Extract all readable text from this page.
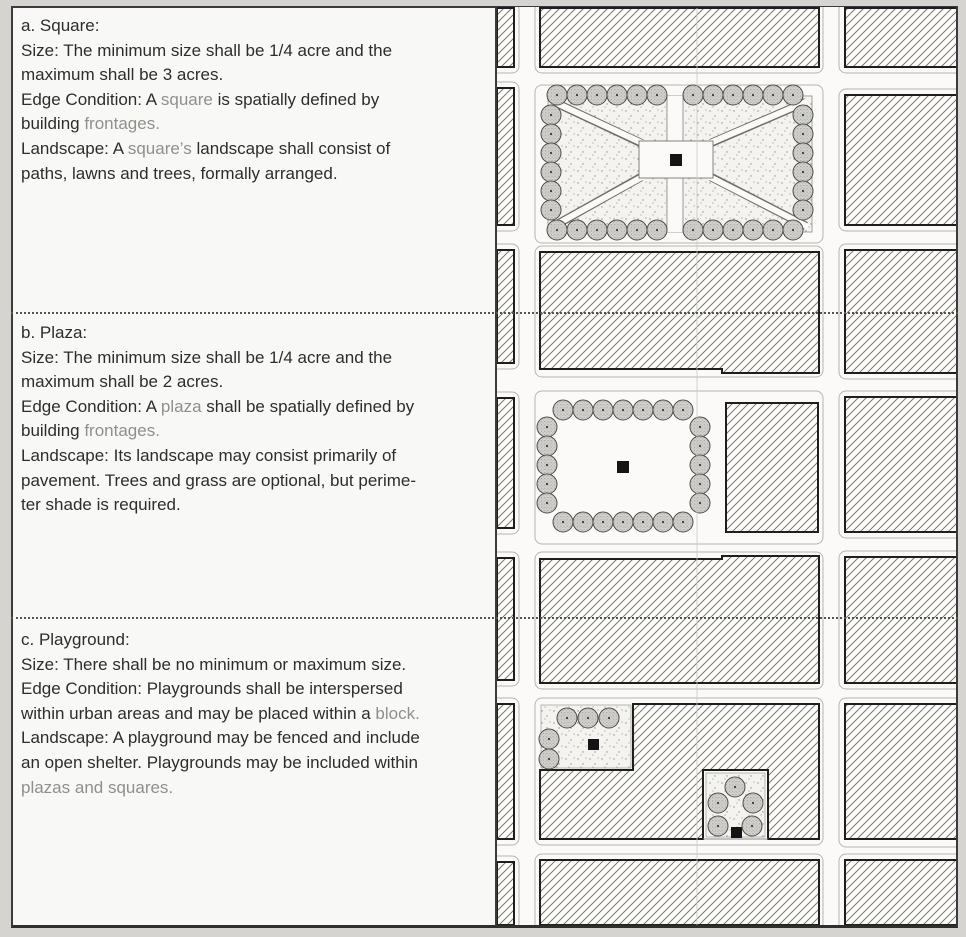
a. Square:
Size: The minimum size shall be 1/4 acre and the
maximum shall be 3 acres.
Edge Condition: A square is spatially defined by
building frontages.
Landscape: A square’s landscape shall consist of
paths, lawns and trees, formally arranged.
b. Plaza:
Size: The minimum size shall be 1/4 acre and the
maximum shall be 2 acres.
Edge Condition: A plaza shall be spatially defined by
building frontages.
Landscape: Its landscape may consist primarily of
pavement. Trees and grass are optional, but perime-
ter shade is required.
c. Playground:
Size: There shall be no minimum or maximum size.
Edge Condition: Playgrounds shall be interspersed
within urban areas and may be placed within a block.
Landscape: A playground may be fenced and include
an open shelter. Playgrounds may be included within
plazas and squares.
